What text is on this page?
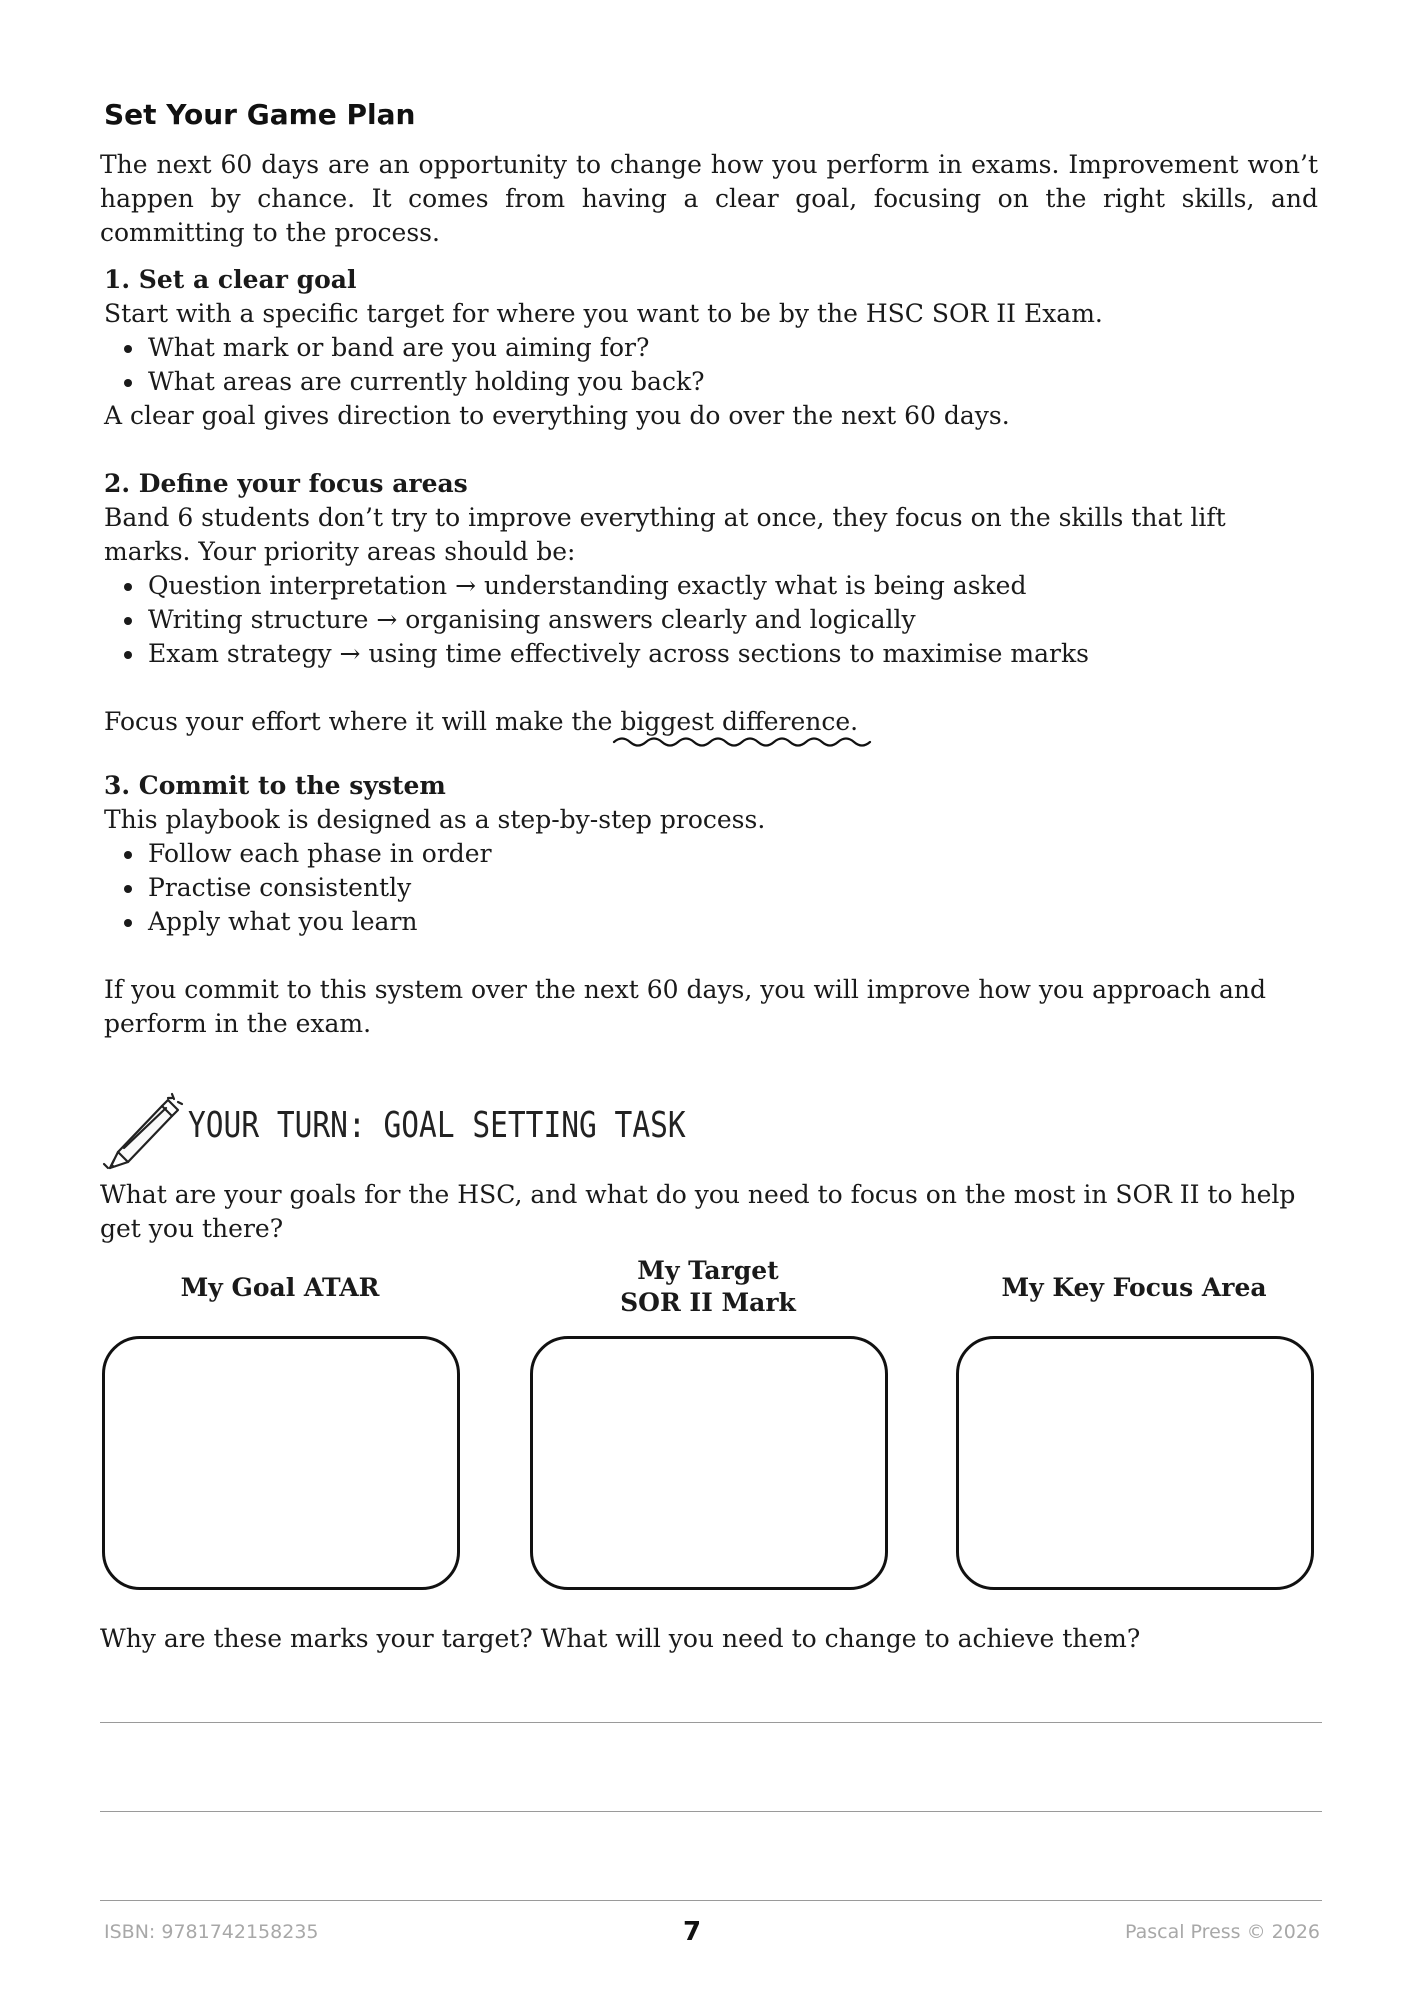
Set Your Game Plan
The next 60 days are an opportunity to change how you perform in exams. Improvement won’t happen by chance. It comes from having a clear goal, focusing on the right skills, and committing to the process.
1. Set a clear goal
Start with a specific target for where you want to be by the HSC SOR II Exam.
• What mark or band are you aiming for?
• What areas are currently holding you back?
A clear goal gives direction to everything you do over the next 60 days.
2. Define your focus areas
Band 6 students don’t try to improve everything at once, they focus on the skills that lift marks. Your priority areas should be:
• Question interpretation → understanding exactly what is being asked
• Writing structure → organising answers clearly and logically
• Exam strategy → using time effectively across sections to maximise marks
Focus your effort where it will make the biggest difference.
3. Commit to the system
This playbook is designed as a step-by-step process.
• Follow each phase in order
• Practise consistently
• Apply what you learn
If you commit to this system over the next 60 days, you will improve how you approach and perform in the exam.
YOUR TURN: GOAL SETTING TASK
What are your goals for the HSC, and what do you need to focus on the most in SOR II to help get you there?
My Goal ATAR
My Target
SOR II Mark
My Key Focus Area
Why are these marks your target? What will you need to change to achieve them?
ISBN: 9781742158235	7	Pascal Press © 2026
